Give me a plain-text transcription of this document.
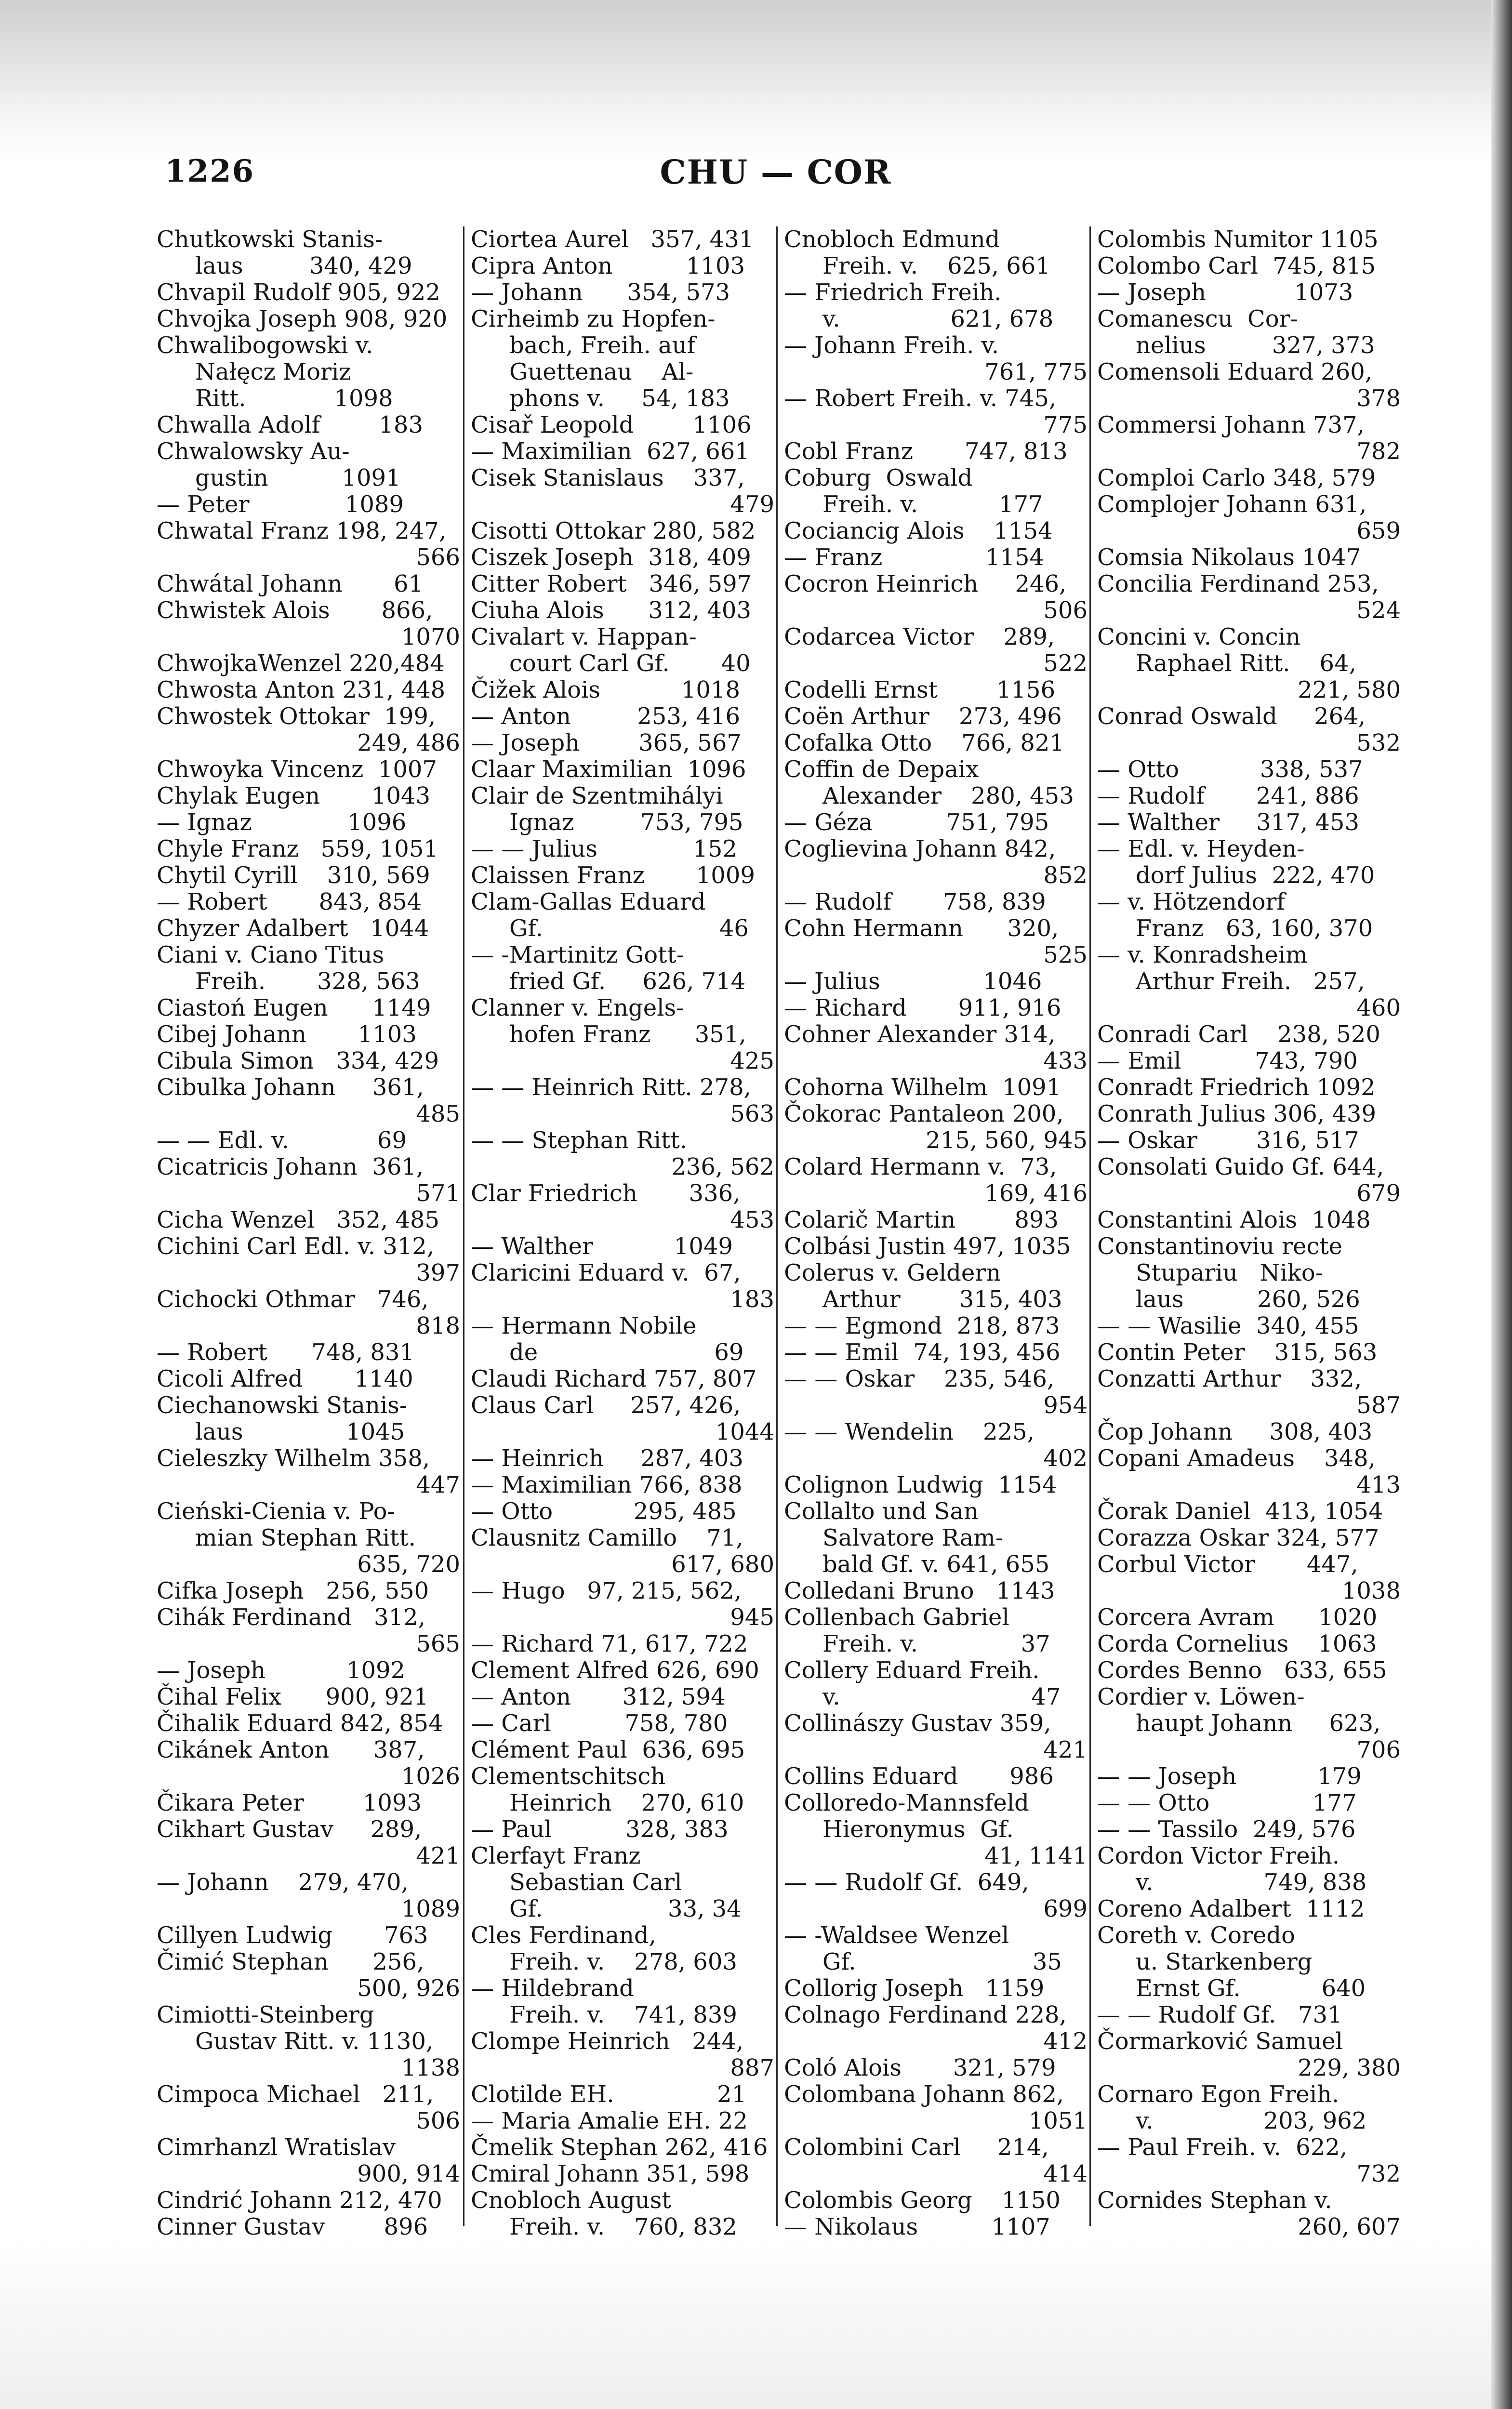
1226	CHU — COR
Chutkowski Stanis-
laus         340, 429
Chvapil Rudolf 905, 922
Chvojka Joseph 908, 920
Chwalibogowski v.
Nałęcz Moriz
Ritt.            1098
Chwalla Adolf        183
Chwalowsky Au-
gustin          1091
— Peter             1089
Chwatal Franz 198, 247,
566
Chwátal Johann       61
Chwistek Alois       866,
1070
ChwojkaWenzel 220,484
Chwosta Anton 231, 448
Chwostek Ottokar  199,
249, 486
Chwoyka Vincenz  1007
Chylak Eugen       1043
— Ignaz             1096
Chyle Franz   559, 1051
Chytil Cyrill    310, 569
— Robert       843, 854
Chyzer Adalbert   1044
Ciani v. Ciano Titus
Freih.       328, 563
Ciastoń Eugen      1149
Cibej Johann       1103
Cibula Simon   334, 429
Cibulka Johann     361,
485
— — Edl. v.            69
Cicatricis Johann  361,
571
Cicha Wenzel   352, 485
Cichini Carl Edl. v. 312,
397
Cichocki Othmar   746,
818
— Robert      748, 831
Cicoli Alfred       1140
Ciechanowski Stanis-
laus              1045
Cieleszky Wilhelm 358,
447
Cieński-Cienia v. Po-
mian Stephan Ritt.
635, 720
Cifka Joseph   256, 550
Cihák Ferdinand   312,
565
— Joseph           1092
Čihal Felix      900, 921
Čihalik Eduard 842, 854
Cikánek Anton      387,
1026
Čikara Peter        1093
Cikhart Gustav     289,
421
— Johann    279, 470,
1089
Cillyen Ludwig       763
Čimić Stephan      256,
500, 926
Cimiotti-Steinberg
Gustav Ritt. v. 1130,
1138
Cimpoca Michael   211,
506
Cimrhanzl Wratislav
900, 914
Cindrić Johann 212, 470
Cinner Gustav        896
Ciortea Aurel   357, 431
Cipra Anton          1103
— Johann      354, 573
Cirheimb zu Hopfen-
bach, Freih. auf
Guettenau    Al-
phons v.     54, 183
Cisař Leopold        1106
— Maximilian  627, 661
Cisek Stanislaus    337,
479
Cisotti Ottokar 280, 582
Ciszek Joseph  318, 409
Citter Robert   346, 597
Ciuha Alois      312, 403
Civalart v. Happan-
court Carl Gf.       40
Čižek Alois           1018
— Anton         253, 416
— Joseph        365, 567
Claar Maximilian  1096
Clair de Szentmihályi
Ignaz         753, 795
— — Julius             152
Claissen Franz       1009
Clam-Gallas Eduard
Gf.                        46
— -Martinitz Gott-
fried Gf.     626, 714
Clanner v. Engels-
hofen Franz      351,
425
— — Heinrich Ritt. 278,
563
— — Stephan Ritt.
236, 562
Clar Friedrich       336,
453
— Walther           1049
Claricini Eduard v.  67,
183
— Hermann Nobile
de                        69
Claudi Richard 757, 807
Claus Carl     257, 426,
1044
— Heinrich     287, 403
— Maximilian 766, 838
— Otto           295, 485
Clausnitz Camillo    71,
617, 680
— Hugo   97, 215, 562,
945
— Richard 71, 617, 722
Clement Alfred 626, 690
— Anton       312, 594
— Carl          758, 780
Clément Paul  636, 695
Clementschitsch
Heinrich    270, 610
— Paul          328, 383
Clerfayt Franz
Sebastian Carl
Gf.                 33, 34
Cles Ferdinand,
Freih. v.    278, 603
— Hildebrand
Freih. v.    741, 839
Clompe Heinrich   244,
887
Clotilde EH.              21
— Maria Amalie EH. 22
Čmelik Stephan 262, 416
Cmiral Johann 351, 598
Cnobloch August
Freih. v.    760, 832
Cnobloch Edmund
Freih. v.    625, 661
— Friedrich Freih.
v.               621, 678
— Johann Freih. v.
761, 775
— Robert Freih. v. 745,
775
Cobl Franz       747, 813
Coburg  Oswald
Freih. v.           177
Cociancig Alois    1154
— Franz              1154
Cocron Heinrich     246,
506
Codarcea Victor    289,
522
Codelli Ernst        1156
Coën Arthur    273, 496
Cofalka Otto    766, 821
Coffin de Depaix
Alexander    280, 453
— Géza          751, 795
Coglievina Johann 842,
852
— Rudolf       758, 839
Cohn Hermann      320,
525
— Julius              1046
— Richard       911, 916
Cohner Alexander 314,
433
Cohorna Wilhelm  1091
Čokorac Pantaleon 200,
215, 560, 945
Colard Hermann v.  73,
169, 416
Colarič Martin        893
Colbási Justin 497, 1035
Colerus v. Geldern
Arthur        315, 403
— — Egmond  218, 873
— — Emil  74, 193, 456
— — Oskar    235, 546,
954
— — Wendelin    225,
402
Colignon Ludwig  1154
Collalto und San
Salvatore Ram-
bald Gf. v. 641, 655
Colledani Bruno   1143
Collenbach Gabriel
Freih. v.              37
Collery Eduard Freih.
v.                          47
Collinászy Gustav 359,
421
Collins Eduard       986
Colloredo-Mannsfeld
Hieronymus  Gf.
41, 1141
— — Rudolf Gf.  649,
699
— -Waldsee Wenzel
Gf.                        35
Collorig Joseph   1159
Colnago Ferdinand 228,
412
Coló Alois       321, 579
Colombana Johann 862,
1051
Colombini Carl     214,
414
Colombis Georg    1150
— Nikolaus          1107
Colombis Numitor 1105
Colombo Carl  745, 815
— Joseph            1073
Comanescu  Cor-
nelius         327, 373
Comensoli Eduard 260,
378
Commersi Johann 737,
782
Comploi Carlo 348, 579
Complojer Johann 631,
659
Comsia Nikolaus 1047
Concilia Ferdinand 253,
524
Concini v. Concin
Raphael Ritt.    64,
221, 580
Conrad Oswald     264,
532
— Otto           338, 537
— Rudolf       241, 886
— Walther     317, 453
— Edl. v. Heyden-
dorf Julius  222, 470
— v. Hötzendorf
Franz   63, 160, 370
— v. Konradsheim
Arthur Freih.   257,
460
Conradi Carl    238, 520
— Emil          743, 790
Conradt Friedrich 1092
Conrath Julius 306, 439
— Oskar        316, 517
Consolati Guido Gf. 644,
679
Constantini Alois  1048
Constantinoviu recte
Stupariu   Niko-
laus          260, 526
— — Wasilie  340, 455
Contin Peter    315, 563
Conzatti Arthur    332,
587
Čop Johann     308, 403
Copani Amadeus    348,
413
Čorak Daniel  413, 1054
Corazza Oskar 324, 577
Corbul Victor       447,
1038
Corcera Avram      1020
Corda Cornelius    1063
Cordes Benno   633, 655
Cordier v. Löwen-
haupt Johann     623,
706
— — Joseph           179
— — Otto              177
— — Tassilo  249, 576
Cordon Victor Freih.
v.               749, 838
Coreno Adalbert  1112
Coreth v. Coredo
u. Starkenberg
Ernst Gf.           640
— — Rudolf Gf.   731
Čormarković Samuel
229, 380
Cornaro Egon Freih.
v.               203, 962
— Paul Freih. v.  622,
732
Cornides Stephan v.
260, 607
